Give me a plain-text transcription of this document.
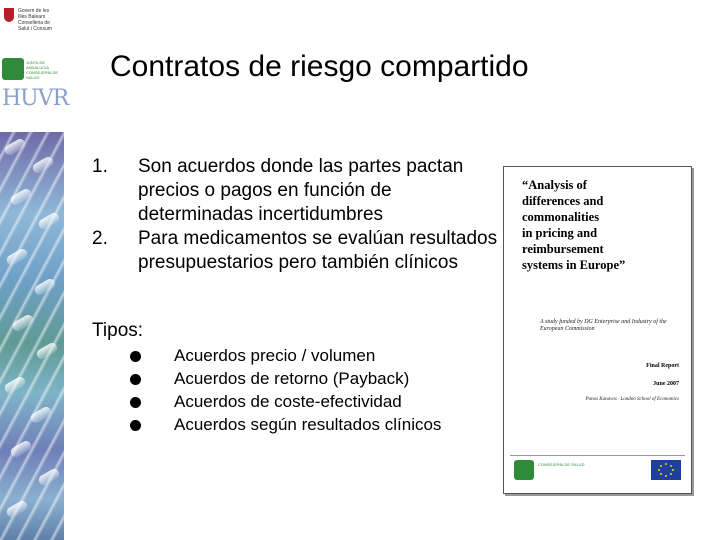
Govern de les Illes Balears Conselleria de Salut i Consum
JUNTA DE ANDALUCIA CONSEJERÍA DE SALUD
HUVR
Contratos de riesgo compartido
1. Son acuerdos donde las partes pactan precios o pagos en función de determinadas incertidumbres
2. Para medicamentos se evalúan resultados presupuestarios pero también clínicos
Tipos:
Acuerdos precio / volumen
Acuerdos de retorno (Payback)
Acuerdos de coste-efectividad
Acuerdos según resultados clínicos
“Analysis of
differences and
commonalities
in pricing and
reimbursement
systems in Europe”
A study funded by DG Enterprise and Industry of the European Commission
Final Report
June 2007
Panos Kanavos · London School of Economics
CONSEJERÍA DE SALUD
